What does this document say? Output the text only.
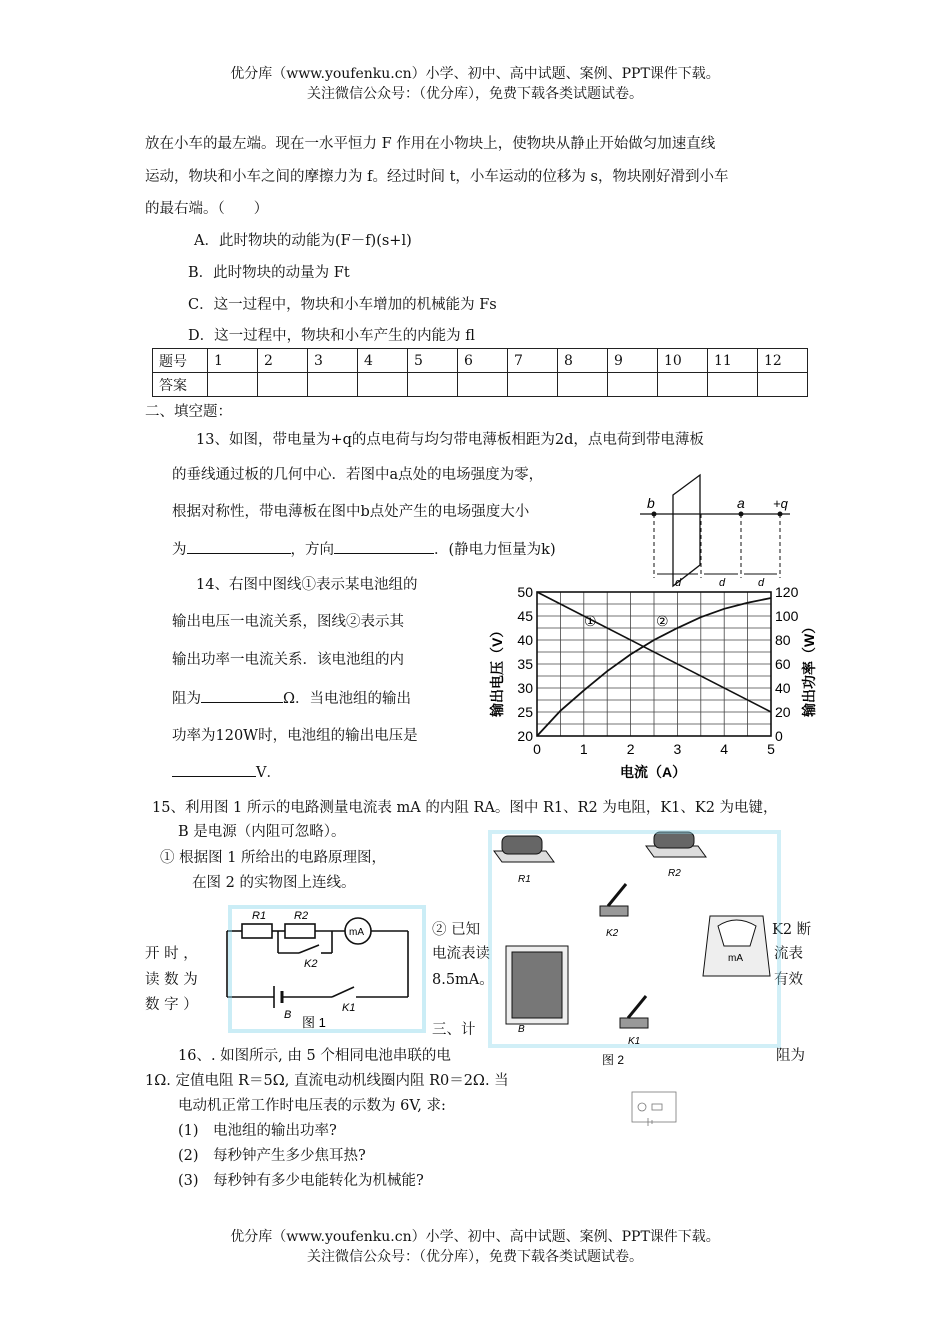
优分库（www.youfenku.cn）小学、初中、高中试题、案例、PPT课件下载。
关注微信公众号：（优分库），免费下载各类试题试卷。
放在小车的最左端。现在一水平恒力 F 作用在小物块上，使物块从静止开始做匀加速直线
运动，物块和小车之间的摩擦力为 f。经过时间 t，小车运动的位移为 s，物块刚好滑到小车
的最右端。（　　）
A．此时物块的动能为(F－f)(s+l)
B．此时物块的动量为 Ft
C．这一过程中，物块和小车增加的机械能为 Fs
D．这一过程中，物块和小车产生的内能为 fl
题号	1	2	3	4	5	6	7	8	9	10	11	12
答案												
二、填空题：
13、如图，带电量为+q的点电荷与均匀带电薄板相距为2d，点电荷到带电薄板
的垂线通过板的几何中心．若图中a点处的电场强度为零，
根据对称性，带电薄板在图中b点处产生的电场强度大小
为	，方向	．(静电力恒量为k)
b	a +q
d	d	d
14、右图中图线①表示某电池组的
输出电压一电流关系，图线②表示其
输出功率一电流关系．该电池组的内
阻为	Ω．当电池组的输出
功率为120W时，电池组的输出电压是
V．
0	1	2	3	4	5
20
25
30
35
40
45
50
0
20
40
60
80
100
120
①	②
电流（A）
输出电压（V）	输出功率（W）
15、利用图 1 所示的电路测量电流表 mA 的内阻 RA。图中 R1、R2 为电阻，K1、K2 为电键，
B 是电源（内阻可忽略）。
① 根据图 1 所给出的电路原理图，
在图 2 的实物图上连线。
R1	R2
mA
K2
B
K1
图 1
② 已知	K2 断
开 时 ，	电流表读	流表
读 数 为	8.5mA。	有效
数 字 ）
三、计
R1
R2
K2
B
mA
K1
图 2
16、. 如图所示, 由 5 个相同电池串联的电	阻为
1Ω. 定值电阻 R＝5Ω, 直流电动机线圈内阻 R0＝2Ω. 当
电动机正常工作时电压表的示数为 6V, 求:
(1)　电池组的输出功率?
(2)　每秒钟产生多少焦耳热?
(3)　每秒钟有多少电能转化为机械能?
优分库（www.youfenku.cn）小学、初中、高中试题、案例、PPT课件下载。
关注微信公众号：（优分库），免费下载各类试题试卷。
